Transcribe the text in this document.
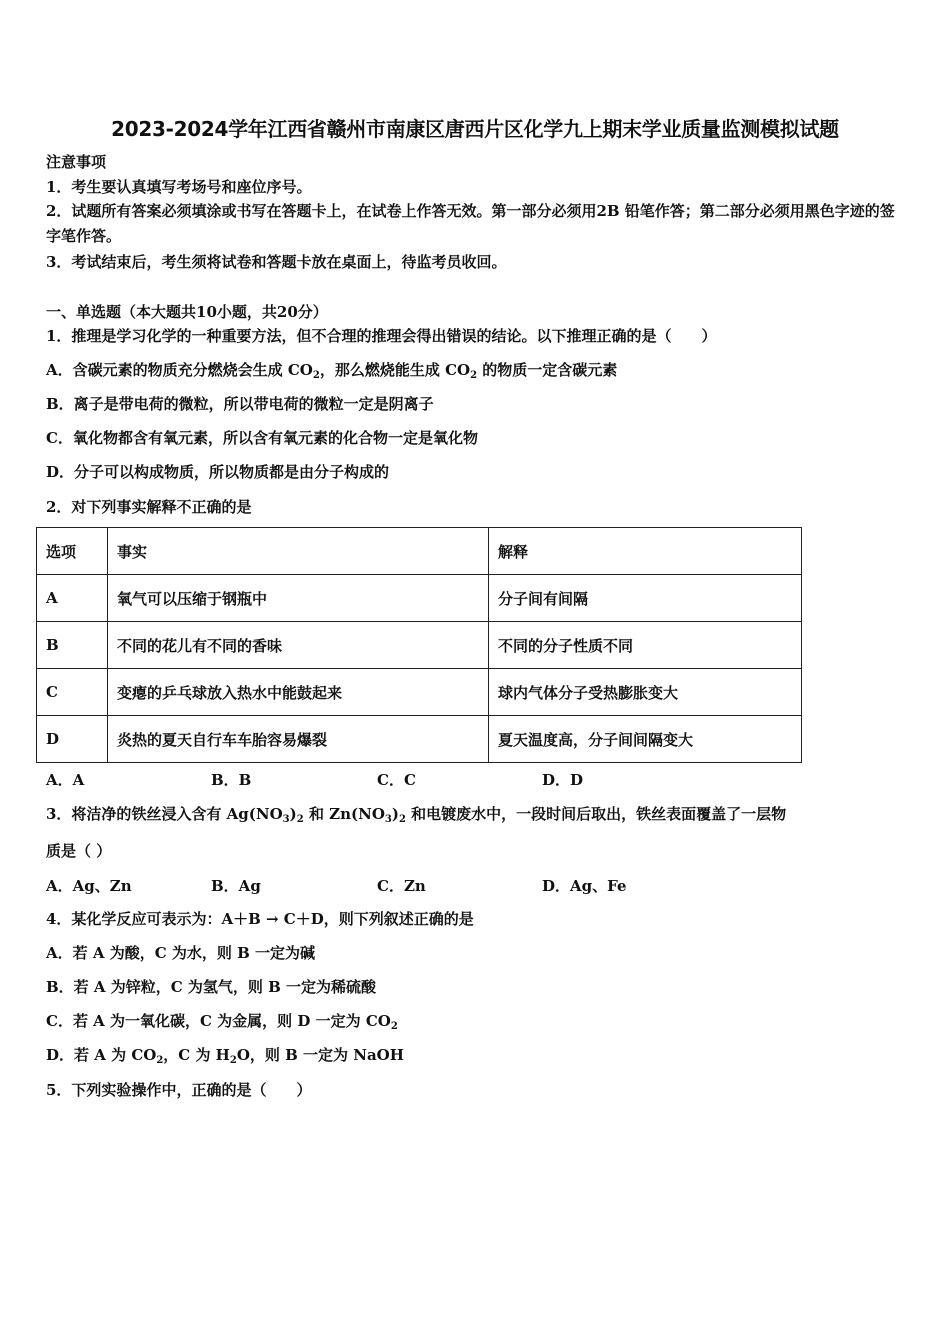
2023-2024学年江西省赣州市南康区唐西片区化学九上期末学业质量监测模拟试题
注意事项
1．考生要认真填写考场号和座位序号。
2．试题所有答案必须填涂或书写在答题卡上，在试卷上作答无效。第一部分必须用2B 铅笔作答；第二部分必须用黑色字迹的签字笔作答。
3．考试结束后，考生须将试卷和答题卡放在桌面上，待监考员收回。
一、单选题（本大题共10小题，共20分）
1．推理是学习化学的一种重要方法，但不合理的推理会得出错误的结论。以下推理正确的是（　　）
A．含碳元素的物质充分燃烧会生成 $CO_2$，那么燃烧能生成 $CO_2$ 的物质一定含碳元素
B．离子是带电荷的微粒，所以带电荷的微粒一定是阴离子
C．氧化物都含有氧元素，所以含有氧元素的化合物一定是氧化物
D．分子可以构成物质，所以物质都是由分子构成的
2．对下列事实解释不正确的是
选项	事实	解释
A	氧气可以压缩于钢瓶中	分子间有间隔
B	不同的花儿有不同的香味	不同的分子性质不同
C	变瘪的乒乓球放入热水中能鼓起来	球内气体分子受热膨胀变大
D	炎热的夏天自行车车胎容易爆裂	夏天温度高，分子间间隔变大
A．A	B．B	C．C	D．D
3．将洁净的铁丝浸入含有 $Ag(NO_3)_2$ 和 $Zn(NO_3)_2$ 和电镀废水中，一段时间后取出，铁丝表面覆盖了一层物
质是（ ）
A．Ag、Zn	B．Ag	C．Zn	D．Ag、Fe
4．某化学反应可表示为：A＋B → C＋D，则下列叙述正确的是
A．若 A 为酸，C 为水，则 B 一定为碱
B．若 A 为锌粒，C 为氢气，则 B 一定为稀硫酸
C．若 A 为一氧化碳，C 为金属，则 D 一定为 $CO_2$
D．若 A 为 $CO_2$，C 为 $H_2O$，则 B 一定为 NaOH
5．下列实验操作中，正确的是（　　）
